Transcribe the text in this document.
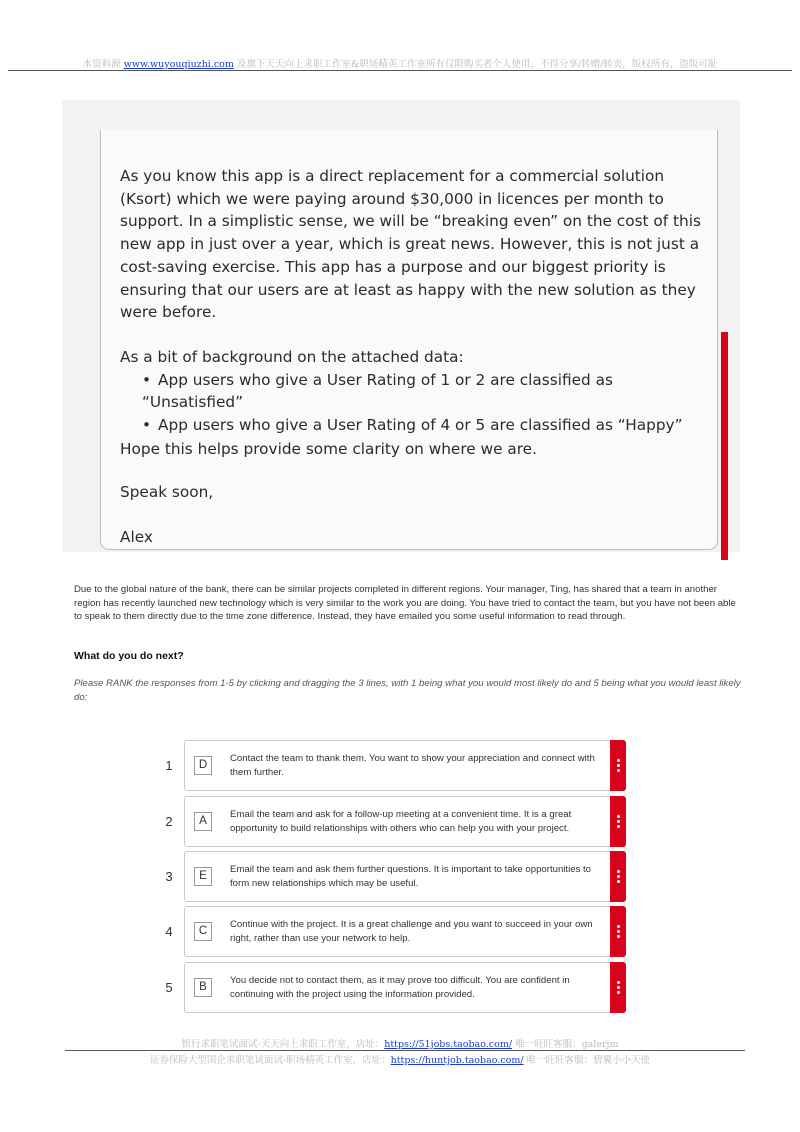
本资料源 www.wuyouqiuzhi.com 及旗下天天向上求职工作室&职场精英工作室所有仅限购买者个人使用，不得分享/转赠/转卖，版权所有，盗版可耻

As you know this app is a direct replacement for a commercial solution (Ksort) which we were paying around $30,000 in licences per month to support. In a simplistic sense, we will be “breaking even” on the cost of this new app in just over a year, which is great news. However, this is not just a cost-saving exercise. This app has a purpose and our biggest priority is ensuring that our users are at least as happy with the new solution as they were before.

As a bit of background on the attached data:

• App users who give a User Rating of 1 or 2 are classified as “Unsatisfied”
• App users who give a User Rating of 4 or 5 are classified as “Happy”

Hope this helps provide some clarity on where we are.

Speak soon,

Alex

Due to the global nature of the bank, there can be similar projects completed in different regions. Your manager, Ting, has shared that a team in another region has recently launched new technology which is very similar to the work you are doing. You have tried to contact the team, but you have not been able to speak to them directly due to the time zone difference. Instead, they have emailed you some useful information to read through.

What do you do next?

Please RANK the responses from 1-5 by clicking and dragging the 3 lines, with 1 being what you would most likely do and 5 being what you would least likely do:

1	D
Contact the team to thank them. You want to show your appreciation and connect with them further.
2	A
Email the team and ask for a follow-up meeting at a convenient time. It is a great opportunity to build relationships with others who can help you with your project.
3	E
Email the team and ask them further questions. It is important to take opportunities to form new relationships which may be useful.
4	C
Continue with the project. It is a great challenge and you want to succeed in your own right, rather than use your network to help.
5	B
You decide not to contact them, as it may prove too difficult. You are confident in continuing with the project using the information provided.
银行求职笔试面试-天天向上求职工作室，店址：https://51jobs.taobao.com/ 唯一旺旺客服：galerjm
证券保险大型国企求职笔试面试-职场精英工作室，店址：https://huntjob.taobao.com/ 唯一旺旺客服：碧翼小小天使
